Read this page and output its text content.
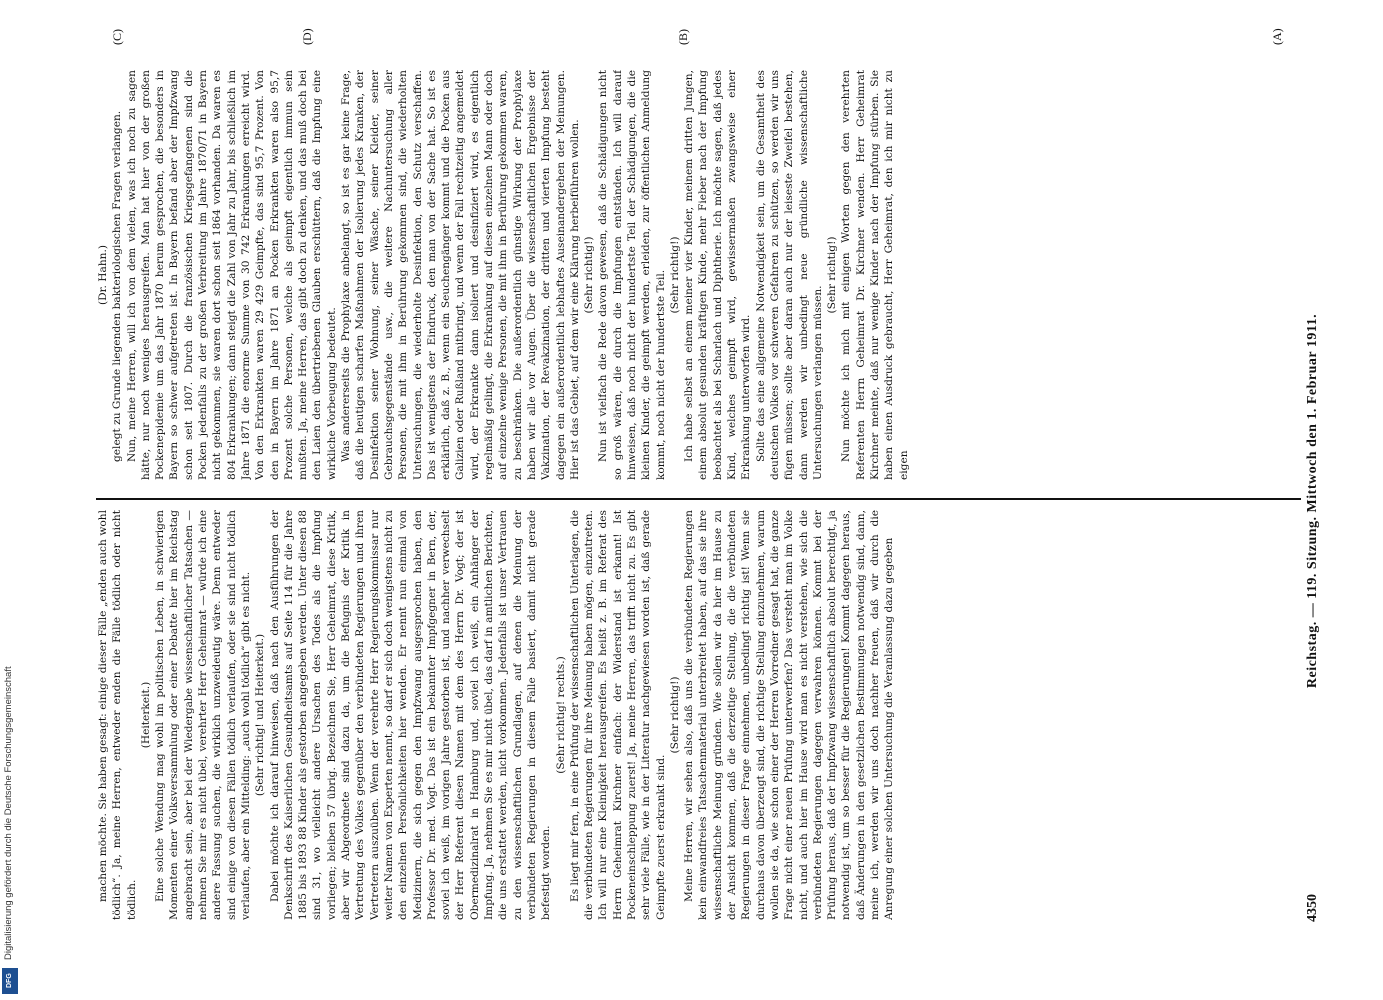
4350
Reichstag. — 119. Sitzung. Mittwoch den 1. Februar 1911.
(A)
(B)
(C)	(D)

(Dr. Hahn.) gelegt zu Grunde liegenden bakteriologischen Fragen verlangen. Nun, meine Herren, will ich von dem vielen, was ich noch zu sagen hätte, nur noch weniges herausgreifen. Man hat hier von der großen Pockenepidemie um das Jahr 1870 herum gesprochen, die besonders in Bayern so schwer aufgetreten ist. In Bayern befand aber der Impfzwang schon seit 1807. Durch die französischen Kriegsgefangenen sind die Pocken jedenfalls zu der großen Verbreitung im Jahre 1870/71 in Bayern nicht gekommen, sie waren dort schon seit 1864 vorhanden. Da waren es 804 Erkrankungen; dann steigt die Zahl von Jahr zu Jahr, bis schließlich im Jahre 1871 die enorme Summe von 30 742 Erkrankungen erreicht wird. Von den Erkrankten waren 29 429 Geimpfte, das sind 95,7 Prozent. Von den in Bayern im Jahre 1871 an Pocken Erkrankten waren also 95,7 Prozent solche Personen, welche als geimpft eigentlich immun sein mußten. Ja, meine Herren, das gibt doch zu denken, und das muß doch bei den Laien den übertriebenen Glauben erschüttern, daß die Impfung eine wirkliche Vorbeugung bedeutet. Was andererseits die Prophylaxe anbelangt, so ist es gar keine Frage, daß die heutigen scharfen Maßnahmen der Isolierung jedes Kranken, der Desinfektion seiner Wohnung, seiner Wäsche, seiner Kleider, seiner Gebrauchsgegenstände usw., die weitere Nachuntersuchung aller Personen, die mit ihm in Berührung gekommen sind, die wiederholten Untersuchungen, die wiederholte Desinfektion, den Schutz verschaffen. Das ist wenigstens der Eindruck, den man von der Sache hat. So ist es erklärlich, daß z. B., wenn ein Seuchengänger kommt und die Pocken aus Galizien oder Rußland mitbringt, und wenn der Fall rechtzeitig angemeldet wird, der Erkrankte dann isoliert und desinfiziert wird, es eigentlich regelmäßig gelingt, die Erkrankung auf diesen einzelnen Mann oder doch auf einzelne wenige Personen, die mit ihm in Berührung gekommen waren, zu beschränken. Die außerordentlich günstige Wirkung der Prophylaxe haben wir alle vor Augen. Über die wissenschaftlichen Ergebnisse der Vakzination, der Revakzination, der dritten und vierten Impfung besteht dagegen ein außerordentlich lebhaftes Auseinandergehen der Meinungen. Hier ist das Gebiet, auf dem wir eine Klärung herbeiführen wollen. (Sehr richtig!) Nun ist vielfach die Rede davon gewesen, daß die Schädigungen nicht so groß wären, die durch die Impfungen entständen. Ich will darauf hinweisen, daß noch nicht der hundertste Teil der Schädigungen, die die kleinen Kinder, die geimpft werden, erleiden, zur öffentlichen Anmeldung kommt, noch nicht der hundertste Teil. (Sehr richtig!) Ich habe selbst an einem meiner vier Kinder, meinem dritten Jungen, einem absolut gesunden kräftigen Kinde, mehr Fieber nach der Impfung beobachtet als bei Scharlach und Diphtherie. Ich möchte sagen, daß jedes Kind, welches geimpft wird, gewissermaßen zwangsweise einer Erkrankung unterworfen wird. Sollte das eine allgemeine Notwendigkeit sein, um die Gesamtheit des deutschen Volkes vor schweren Gefahren zu schützen, so werden wir uns fügen müssen; sollte aber daran auch nur der leiseste Zweifel bestehen, dann werden wir unbedingt neue gründliche wissenschaftliche Untersuchungen verlangen müssen.

(Sehr richtig!) Nun möchte ich mich mit einigen Worten gegen den verehrten Referenten Herrn Geheimrat Dr. Kirchner wenden. Herr Geheimrat Kirchner meinte, daß nur wenige Kinder nach der Impfung stürben. Sie haben einen Ausdruck gebraucht, Herr Geheimrat, den ich mir nicht zu eigen

machen möchte. Sie haben gesagt: einige dieser Fälle „enden auch wohl tödlich“. Ja, meine Herren, entweder enden die Fälle tödlich oder nicht tödlich.

(Heiterkeit.) Eine solche Wendung mag wohl im politischen Leben, in schwierigen Momenten einer Volksversammlung oder einer Debatte hier im Reichstag angebracht sein, aber bei der Wiedergabe wissenschaftlicher Tatsachen — nehmen Sie mir es nicht übel, verehrter Herr Geheimrat — würde ich eine andere Fassung suchen, die wirklich unzweideutig wäre. Denn entweder sind einige von diesen Fällen tödlich verlaufen, oder sie sind nicht tödlich verlaufen, aber ein Mittelding: „auch wohl tödlich“ gibt es nicht. (Sehr richtig! und Heiterkeit.) Dabei möchte ich darauf hinweisen, daß nach den Ausführungen der Denkschrift des Kaiserlichen Gesundheitsamts auf Seite 114 für die Jahre 1885 bis 1893 88 Kinder als gestorben angegeben werden. Unter diesen 88 sind 31, wo vielleicht andere Ursachen des Todes als die Impfung vorliegen; bleiben 57 übrig. Bezeichnen Sie, Herr Geheimrat, diese Kritik, aber wir Abgeordnete sind dazu da, um die Befugnis der Kritik in Vertretung des Volkes gegenüber den verbündeten Regierungen und ihren Vertretern auszuüben. Wenn der verehrte Herr Regierungskommissar nur weiter Namen von Experten nennt, so darf er sich doch wenigstens nicht zu den einzelnen Persönlichkeiten hier wenden. Er nennt nun einmal von Medizinern, die sich gegen den Impfzwang ausgesprochen haben, den Professor Dr. med. Vogt. Das ist ein bekannter Impfgegner in Bern, der, soviel ich weiß, im vorigen Jahre gestorben ist, und nachher verwechselt der Herr Referent diesen Namen mit dem des Herrn Dr. Vogt; der ist Obermedizinalrat in Hamburg und, soviel ich weiß, ein Anhänger der Impfung. Ja, nehmen Sie es mir nicht übel, das darf in amtlichen Berichten, die uns erstattet werden, nicht vorkommen. Jedenfalls ist unser Vertrauen zu den wissenschaftlichen Grundlagen, auf denen die Meinung der verbündeten Regierungen in diesem Falle basiert, damit nicht gerade befestigt worden.

(Sehr richtig! rechts.) Es liegt mir fern, in eine Prüfung der wissenschaftlichen Unterlagen, die die verbündeten Regierungen für ihre Meinung haben mögen, einzutreten. Ich will nur eine Kleinigkeit herausgreifen. Es heißt z. B. im Referat des Herrn Geheimrat Kirchner einfach: der Widerstand ist erkannt! Ist Pockeneinschleppung zuerst! Ja, meine Herren, das trifft nicht zu. Es gibt sehr viele Fälle, wie in der Literatur nachgewiesen worden ist, daß gerade Geimpfte zuerst erkrankt sind.

(Sehr richtig!) Meine Herren, wir sehen also, daß uns die verbündeten Regierungen kein einwandfreies Tatsachenmaterial unterbreitet haben, auf das sie ihre wissenschaftliche Meinung gründen. Wie sollen wir da hier im Hause zu der Ansicht kommen, daß die derzeitige Stellung, die die verbündeten Regierungen in dieser Frage einnehmen, unbedingt richtig ist! Wenn sie durchaus davon überzeugt sind, die richtige Stellung einzunehmen, warum wollen sie da, wie schon einer der Herren Vorredner gesagt hat, die ganze Frage nicht einer neuen Prüfung unterwerfen? Das versteht man im Volke nicht, und auch hier im Hause wird man es nicht verstehen, wie sich die verbündeten Regierungen dagegen verwahren können. Kommt bei der Prüfung heraus, daß der Impfzwang wissenschaftlich absolut berechtigt, ja notwendig ist, um so besser für die Regierungen! Kommt dagegen heraus, daß Änderungen in den gesetzlichen Bestimmungen notwendig sind, dann, meine ich, werden wir uns doch nachher freuen, daß wir durch die Anregung einer solchen Untersuchung die Veranlassung dazu gegeben

Digitalisierung gefördert durch die Deutsche Forschungsgemeinschaft
DFG
